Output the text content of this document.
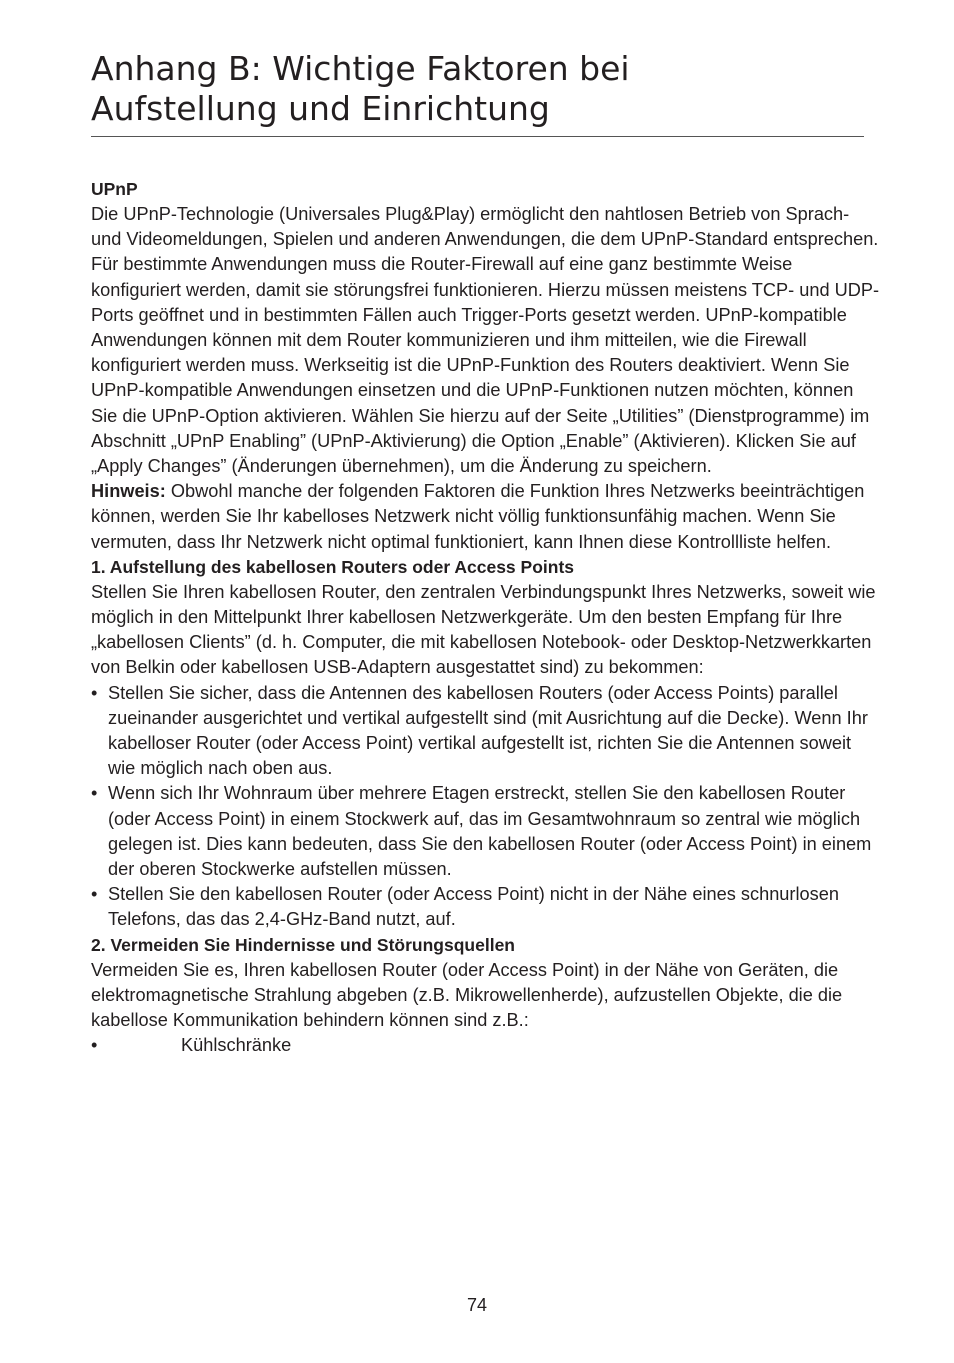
Anhang B: Wichtige Faktoren bei
Aufstellung und Einrichtung

UPnP

Die UPnP-Technologie (Universales Plug&Play) ermöglicht den nahtlosen Betrieb von Sprach- und Videomeldungen, Spielen und anderen Anwendungen, die dem UPnP-Standard entsprechen. Für bestimmte Anwendungen muss die Router-Firewall auf eine ganz bestimmte Weise konfiguriert werden, damit sie störungsfrei funktionieren. Hierzu müssen meistens TCP- und UDP-Ports geöffnet und in bestimmten Fällen auch Trigger-Ports gesetzt werden. UPnP-kompatible Anwendungen können mit dem Router kommunizieren und ihm mitteilen, wie die Firewall konfiguriert werden muss. Werkseitig ist die UPnP-Funktion des Routers deaktiviert. Wenn Sie UPnP-kompatible Anwendungen einsetzen und die UPnP-Funktionen nutzen möchten, können Sie die UPnP-Option aktivieren. Wählen Sie hierzu auf der Seite „Utilities” (Dienstprogramme) im Abschnitt „UPnP Enabling” (UPnP-Aktivierung) die Option „Enable” (Aktivieren). Klicken Sie auf „Apply Changes” (Änderungen übernehmen), um die Änderung zu speichern.

Hinweis: Obwohl manche der folgenden Faktoren die Funktion Ihres Netzwerks beeinträchtigen können, werden Sie Ihr kabelloses Netzwerk nicht völlig funktionsunfähig machen. Wenn Sie vermuten, dass Ihr Netzwerk nicht optimal funktioniert, kann Ihnen diese Kontrollliste helfen.

1. Aufstellung des kabellosen Routers oder Access Points

Stellen Sie Ihren kabellosen Router, den zentralen Verbindungspunkt Ihres Netzwerks, soweit wie möglich in den Mittelpunkt Ihrer kabellosen Netzwerkgeräte. Um den besten Empfang für Ihre „kabellosen Clients” (d. h. Computer, die mit kabellosen Notebook- oder Desktop-Netzwerkkarten von Belkin oder kabellosen USB-Adaptern ausgestattet sind) zu bekommen:

• Stellen Sie sicher, dass die Antennen des kabellosen Routers (oder Access Points) parallel zueinander ausgerichtet und vertikal aufgestellt sind (mit Ausrichtung auf die Decke). Wenn Ihr kabelloser Router (oder Access Point) vertikal aufgestellt ist, richten Sie die Antennen soweit wie möglich nach oben aus.
• Wenn sich Ihr Wohnraum über mehrere Etagen erstreckt, stellen Sie den kabellosen Router (oder Access Point) in einem Stockwerk auf, das im Gesamtwohnraum so zentral wie möglich gelegen ist. Dies kann bedeuten, dass Sie den kabellosen Router (oder Access Point) in einem der oberen Stockwerke aufstellen müssen.
• Stellen Sie den kabellosen Router (oder Access Point) nicht in der Nähe eines schnurlosen Telefons, das das 2,4-GHz-Band nutzt, auf.

2. Vermeiden Sie Hindernisse und Störungsquellen

Vermeiden Sie es, Ihren kabellosen Router (oder Access Point) in der Nähe von Geräten, die elektromagnetische Strahlung abgeben (z.B. Mikrowellenherde), aufzustellen Objekte, die die kabellose Kommunikation behindern können sind z.B.:

•	Kühlschränke
74
